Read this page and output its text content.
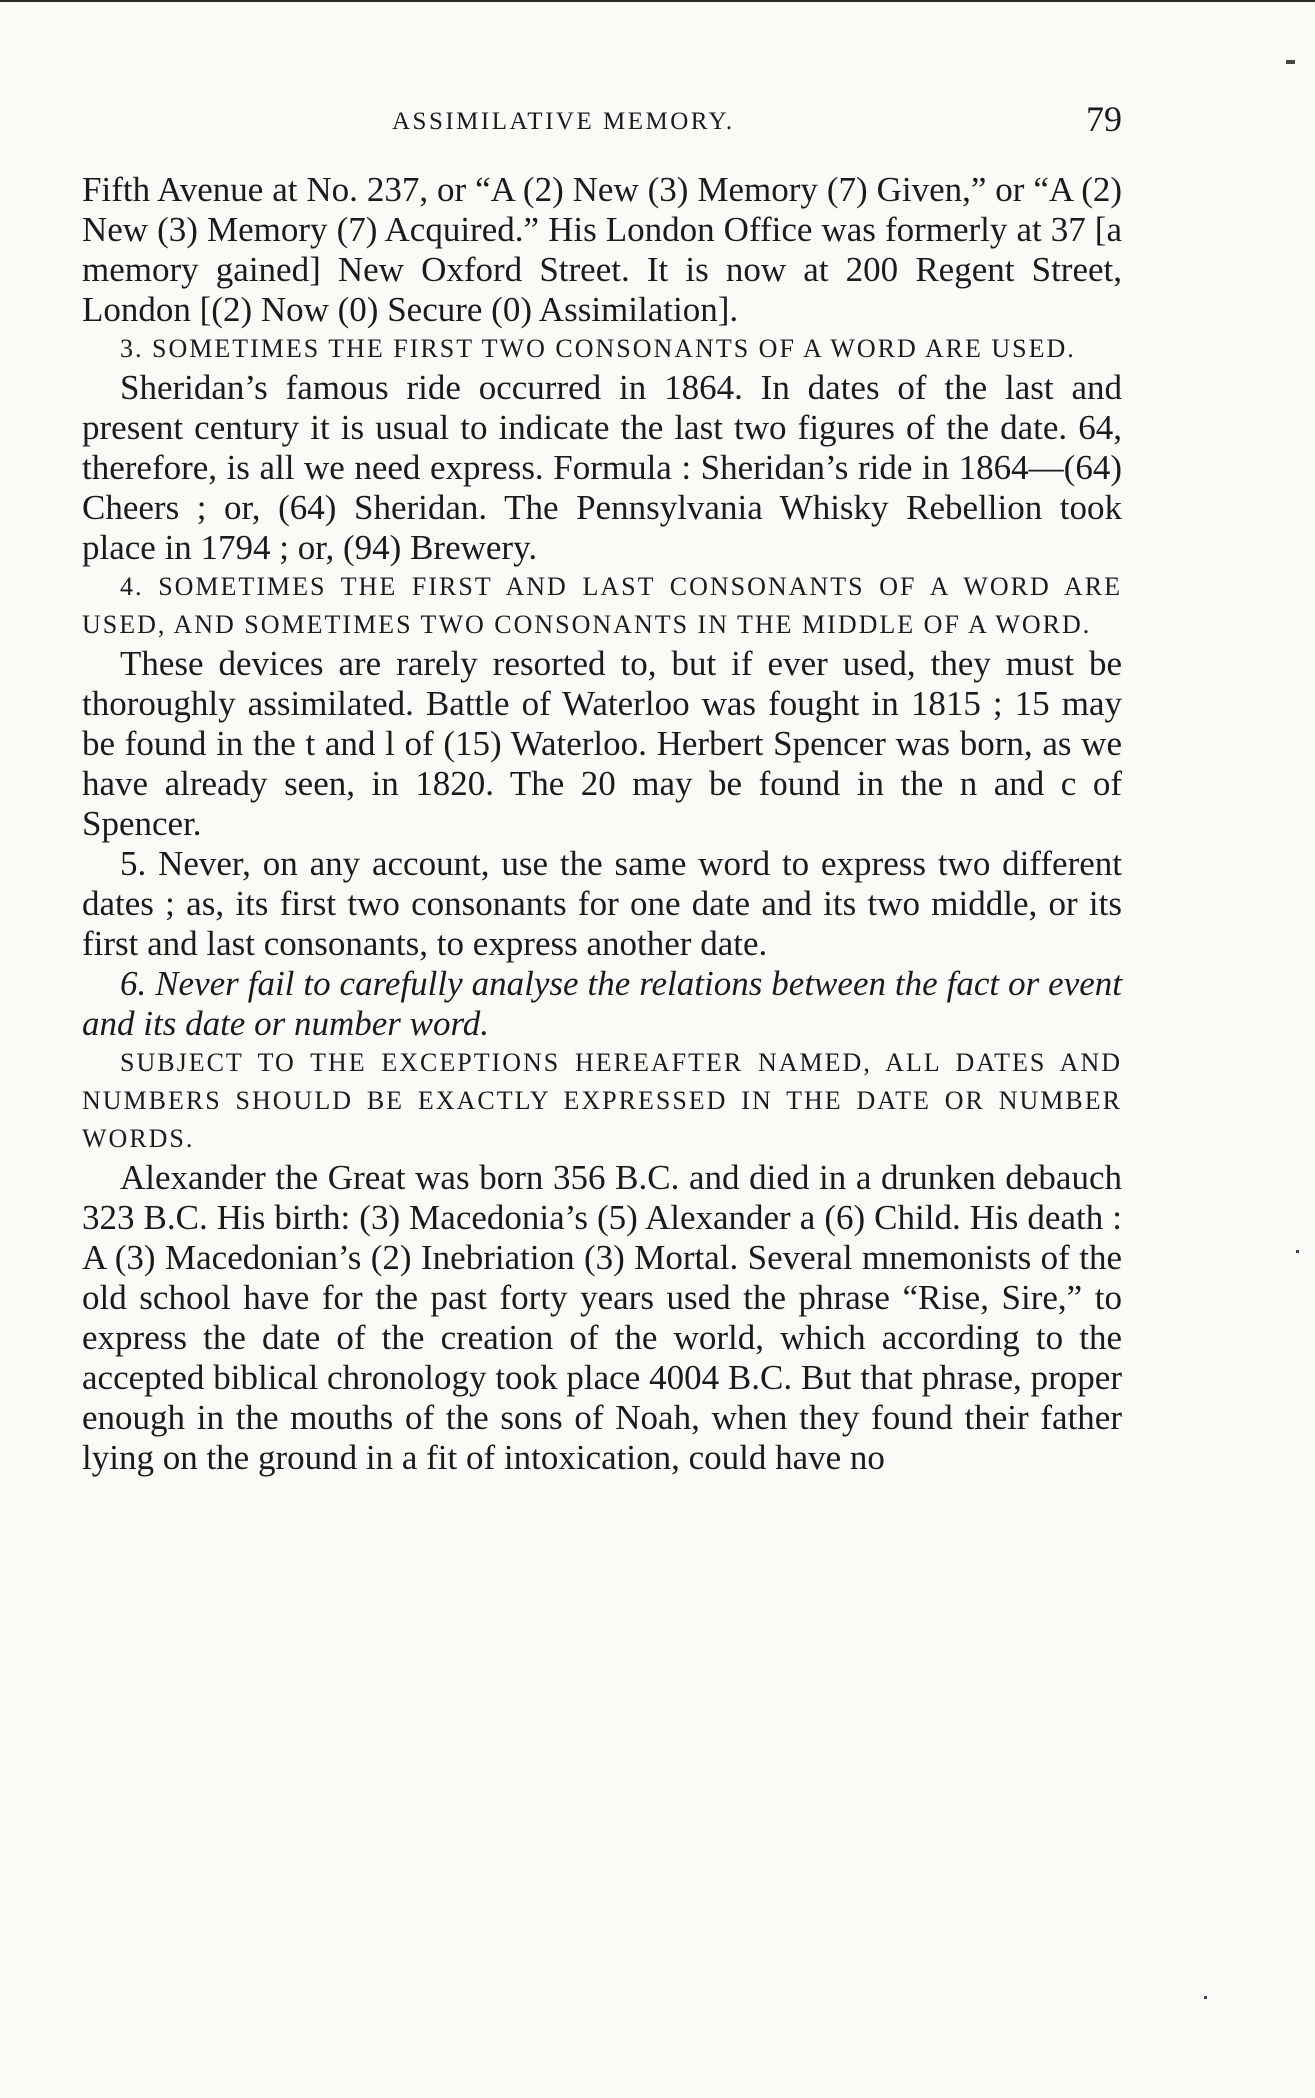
ASSIMILATIVE MEMORY.	79

Fifth Avenue at No. 237, or “A (2) New (3) Memory (7) Given,” or “A (2) New (3) Memory (7) Acquired.” His London Office was formerly at 37 [a memory gained] New Oxford Street. It is now at 200 Regent Street, London [(2) Now (0) Secure (0) Assimilation].

3. SOMETIMES THE FIRST TWO CONSONANTS OF A WORD ARE USED.

Sheridan’s famous ride occurred in 1864. In dates of the last and present century it is usual to indicate the last two figures of the date. 64, therefore, is all we need express. Formula : Sheridan’s ride in 1864—(64) Cheers ; or, (64) Sheridan. The Pennsylvania Whisky Rebellion took place in 1794 ; or, (94) Brewery.

4. SOMETIMES THE FIRST AND LAST CONSONANTS OF A WORD ARE USED, AND SOMETIMES TWO CONSONANTS IN THE MIDDLE OF A WORD.

These devices are rarely resorted to, but if ever used, they must be thoroughly assimilated. Battle of Waterloo was fought in 1815 ; 15 may be found in the t and l of (15) Waterloo. Herbert Spencer was born, as we have already seen, in 1820. The 20 may be found in the n and c of Spencer.

5. Never, on any account, use the same word to express two different dates ; as, its first two consonants for one date and its two middle, or its first and last consonants, to express another date.

6. Never fail to carefully analyse the relations between the fact or event and its date or number word.

SUBJECT TO THE EXCEPTIONS HEREAFTER NAMED, ALL DATES AND NUMBERS SHOULD BE EXACTLY EXPRESSED IN THE DATE OR NUMBER WORDS.

Alexander the Great was born 356 B.C. and died in a drunken debauch 323 B.C. His birth: (3) Macedonia’s (5) Alexander a (6) Child. His death : A (3) Macedonian’s (2) Inebriation (3) Mortal. Several mnemonists of the old school have for the past forty years used the phrase “Rise, Sire,” to express the date of the creation of the world, which according to the accepted biblical chronology took place 4004 B.C. But that phrase, proper enough in the mouths of the sons of Noah, when they found their father lying on the ground in a fit of intoxication, could have no
